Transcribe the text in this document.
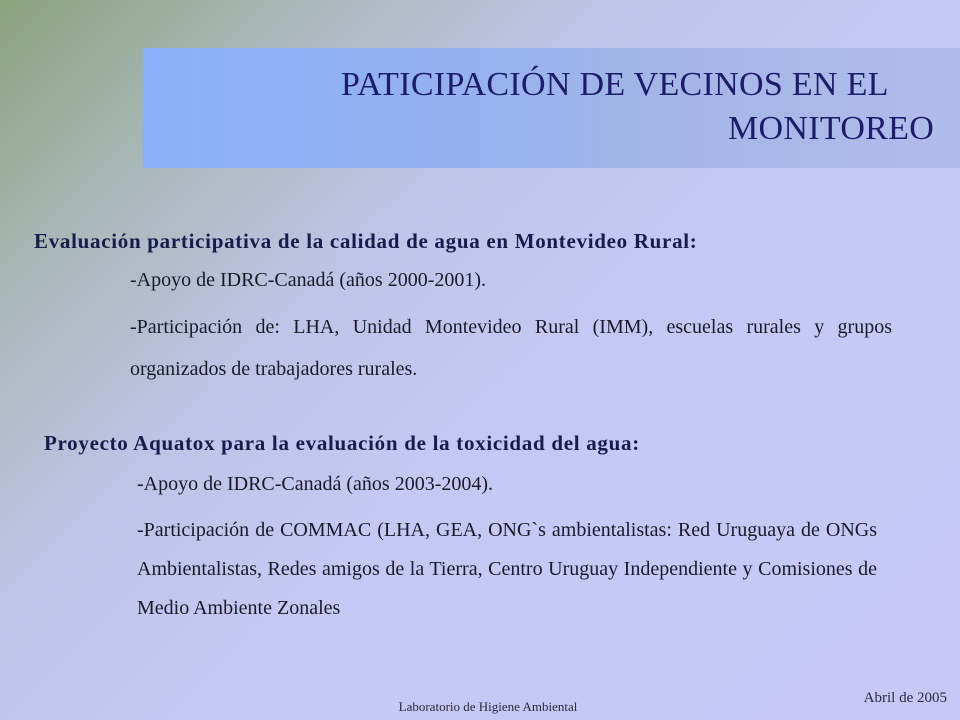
PATICIPACIÓN DE VECINOS EN EL
MONITOREO
Evaluación participativa de la calidad de agua en Montevideo Rural:

-Apoyo de IDRC-Canadá (años 2000-2001).

-Participación de: LHA, Unidad Montevideo Rural (IMM), escuelas rurales y grupos organizados de trabajadores rurales.

Proyecto Aquatox para la evaluación de la toxicidad del agua:

-Apoyo de IDRC-Canadá (años 2003-2004).

-Participación de COMMAC (LHA, GEA, ONG`s ambientalistas: Red Uruguaya de ONGs Ambientalistas, Redes amigos de la Tierra, Centro Uruguay Independiente y Comisiones de Medio Ambiente Zonales

Laboratorio de Higiene Ambiental

Abril de 2005
